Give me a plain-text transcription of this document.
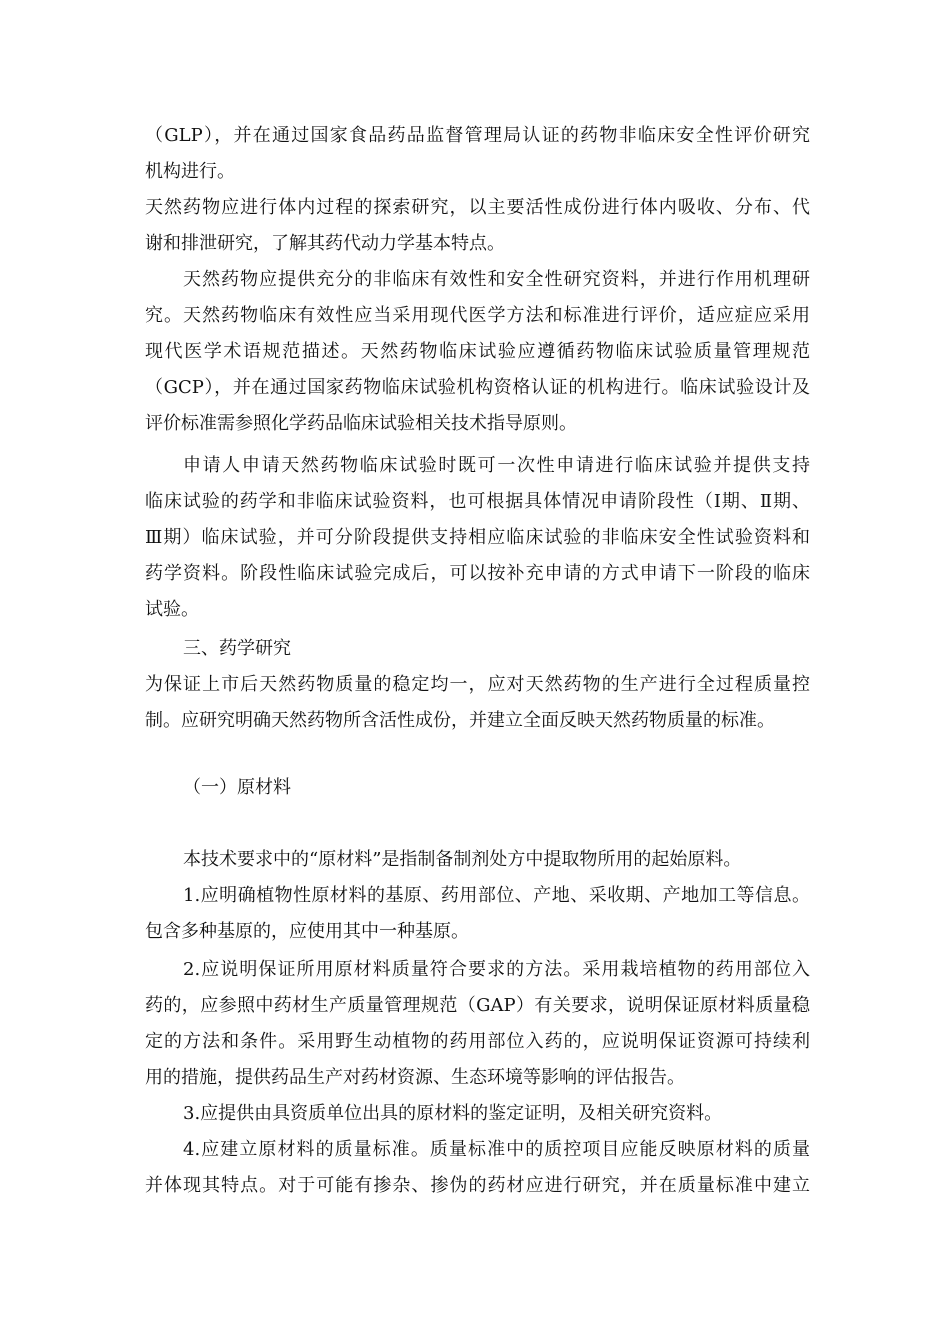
（GLP），并在通过国家食品药品监督管理局认证的药物非临床安全性评价研究
机构进行。
天然药物应进行体内过程的探索研究，以主要活性成份进行体内吸收、分布、代
谢和排泄研究，了解其药代动力学基本特点。
天然药物应提供充分的非临床有效性和安全性研究资料，并进行作用机理研
究。天然药物临床有效性应当采用现代医学方法和标准进行评价，适应症应采用
现代医学术语规范描述。天然药物临床试验应遵循药物临床试验质量管理规范
（GCP），并在通过国家药物临床试验机构资格认证的机构进行。临床试验设计及
评价标准需参照化学药品临床试验相关技术指导原则。
申请人申请天然药物临床试验时既可一次性申请进行临床试验并提供支持
临床试验的药学和非临床试验资料，也可根据具体情况申请阶段性（Ⅰ期、Ⅱ期、
Ⅲ期）临床试验，并可分阶段提供支持相应临床试验的非临床安全性试验资料和
药学资料。阶段性临床试验完成后，可以按补充申请的方式申请下一阶段的临床
试验。
三、药学研究
为保证上市后天然药物质量的稳定均一，应对天然药物的生产进行全过程质量控
制。应研究明确天然药物所含活性成份，并建立全面反映天然药物质量的标准。
（一）原材料
本技术要求中的“原材料”是指制备制剂处方中提取物所用的起始原料。
1.应明确植物性原材料的基原、药用部位、产地、采收期、产地加工等信息。
包含多种基原的，应使用其中一种基原。
2.应说明保证所用原材料质量符合要求的方法。采用栽培植物的药用部位入
药的，应参照中药材生产质量管理规范（GAP）有关要求，说明保证原材料质量稳
定的方法和条件。采用野生动植物的药用部位入药的，应说明保证资源可持续利
用的措施，提供药品生产对药材资源、生态环境等影响的评估报告。
3.应提供由具资质单位出具的原材料的鉴定证明，及相关研究资料。
4.应建立原材料的质量标准。质量标准中的质控项目应能反映原材料的质量
并体现其特点。对于可能有掺杂、掺伪的药材应进行研究，并在质量标准中建立
